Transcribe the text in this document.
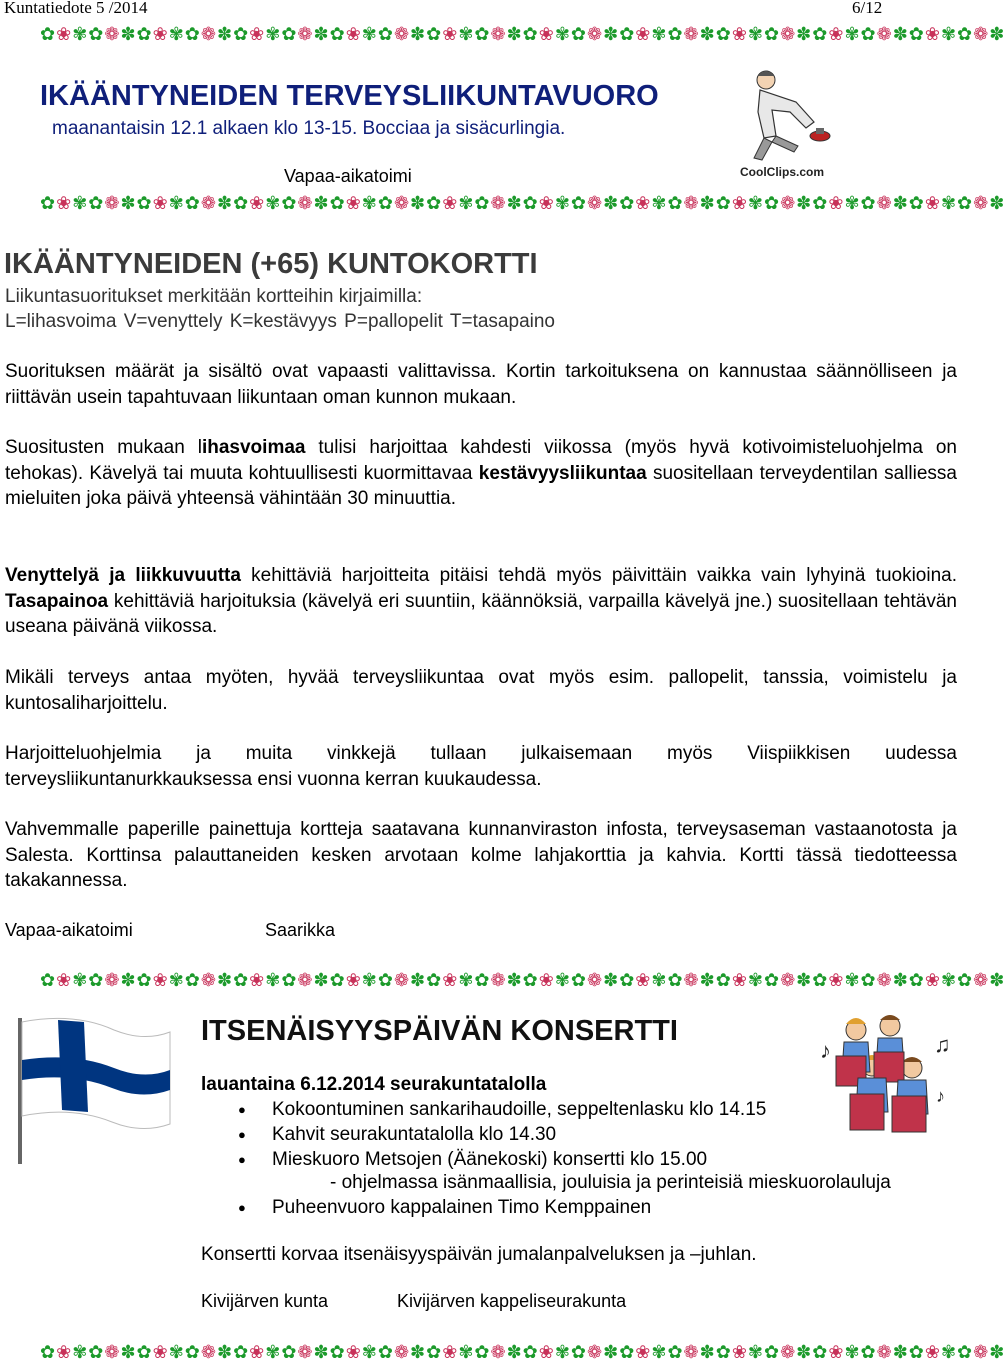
Kuntatiedote 5 /2014	6/12
✿❀✾✿❁✽✿❀✾✿❁✽✿❀✾✿❁✽✿❀✾✿❁✽✿❀✾✿❁✽✿❀✾✿❁✽✿❀✾✿❁✽✿❀✾✿❁✽✿❀✾✿❁✽✿❀✾✿❁✽
IKÄÄNTYNEIDEN TERVEYSLIIKUNTAVUORO
maanantaisin 12.1 alkaen klo 13-15. Bocciaa ja sisäcurlingia.
Vapaa-aikatoimi	CoolClips.com
✿❀✾✿❁✽✿❀✾✿❁✽✿❀✾✿❁✽✿❀✾✿❁✽✿❀✾✿❁✽✿❀✾✿❁✽✿❀✾✿❁✽✿❀✾✿❁✽✿❀✾✿❁✽✿❀✾✿❁✽
IKÄÄNTYNEIDEN (+65) KUNTOKORTTI
Liikuntasuoritukset merkitään kortteihin kirjaimilla:
L=lihasvoima V=venyttely K=kestävyys P=pallopelit T=tasapaino
Suorituksen määrät ja sisältö ovat vapaasti valittavissa. Kortin tarkoituksena on kannustaa säännölliseen ja riittävän usein tapahtuvaan liikuntaan oman kunnon mukaan.
Suositusten mukaan lihasvoimaa tulisi harjoittaa kahdesti viikossa (myös hyvä kotivoimisteluohjelma on tehokas). Kävelyä tai muuta kohtuullisesti kuormittavaa kestävyysliikuntaa suositellaan terveydentilan salliessa mieluiten joka päivä yhteensä vähintään 30 minuuttia.
Venyttelyä ja liikkuvuutta kehittäviä harjoitteita pitäisi tehdä myös päivittäin vaikka vain lyhyinä tuokioina. Tasapainoa kehittäviä harjoituksia (kävelyä eri suuntiin, käännöksiä, varpailla kävelyä jne.) suositellaan tehtävän useana päivänä viikossa.
Mikäli terveys antaa myöten, hyvää terveysliikuntaa ovat myös esim. pallopelit, tanssia, voimistelu ja kuntosaliharjoittelu.
Harjoitteluohjelmia ja muita vinkkejä tullaan julkaisemaan myös Viispiikkisen uudessa terveysliikuntanurkkauksessa ensi vuonna kerran kuukaudessa.
Vahvemmalle paperille painettuja kortteja saatavana kunnanviraston infosta, terveysaseman vastaanotosta ja Salesta. Korttinsa palauttaneiden kesken arvotaan kolme lahjakorttia ja kahvia. Kortti tässä tiedotteessa takakannessa.
Vapaa-aikatoimi	Saarikka
✿❀✾✿❁✽✿❀✾✿❁✽✿❀✾✿❁✽✿❀✾✿❁✽✿❀✾✿❁✽✿❀✾✿❁✽✿❀✾✿❁✽✿❀✾✿❁✽✿❀✾✿❁✽✿❀✾✿❁✽
ITSENÄISYYSPÄIVÄN KONSERTTI
lauantaina 6.12.2014 seurakuntatalolla
● Kokoontuminen sankarihaudoille, seppeltenlasku klo 14.15
● Kahvit seurakuntatalolla klo 14.30
● Mieskuoro Metsojen (Äänekoski) konsertti klo 15.00
- ohjelmassa isänmaallisia, jouluisia ja perinteisiä mieskuorolauluja
● Puheenvuoro kappalainen Timo Kemppainen
Konsertti korvaa itsenäisyyspäivän jumalanpalveluksen ja –juhlan.
Kivijärven kunta	Kivijärven kappeliseurakunta
♪	♫
♪
✿❀✾✿❁✽✿❀✾✿❁✽✿❀✾✿❁✽✿❀✾✿❁✽✿❀✾✿❁✽✿❀✾✿❁✽✿❀✾✿❁✽✿❀✾✿❁✽✿❀✾✿❁✽✿❀✾✿❁✽
